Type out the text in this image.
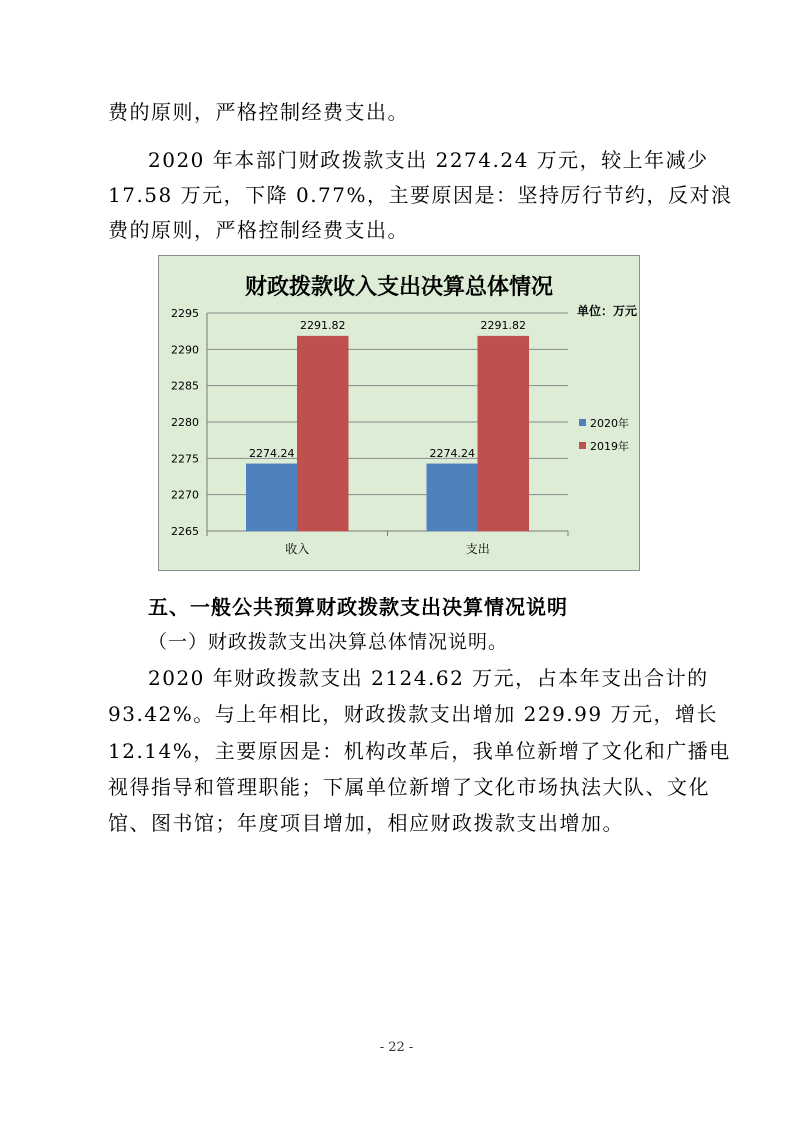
费的原则，严格控制经费支出。
2020 年本部门财政拨款支出 2274.24 万元，较上年减少
17.58 万元，下降 0.77%，主要原因是：坚持厉行节约，反对浪
费的原则，严格控制经费支出。
财政拨款收入支出决算总体情况
单位：万元
2265
2270
2275
2280
2285
2290
2295
2274.24
2291.82
收入
2274.24
2291.82
支出
2020年
2019年
五、一般公共预算财政拨款支出决算情况说明
（一）财政拨款支出决算总体情况说明。
2020 年财政拨款支出 2124.62 万元，占本年支出合计的
93.42%。与上年相比，财政拨款支出增加 229.99 万元，增长
12.14%，主要原因是：机构改革后，我单位新增了文化和广播电
视得指导和管理职能；下属单位新增了文化市场执法大队、文化
馆、图书馆；年度项目增加，相应财政拨款支出增加。
- 22 -
